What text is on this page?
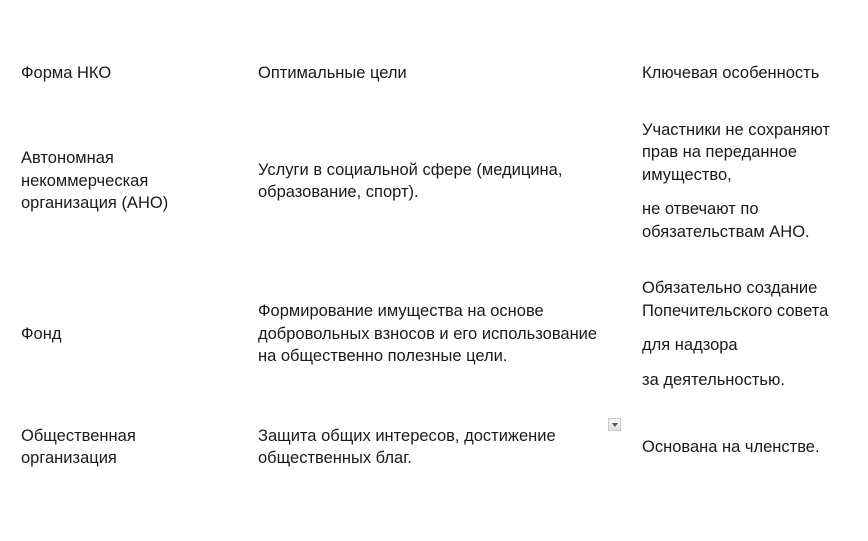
Форма НКО	Оптимальные цели	Ключевая особенность

Автономная некоммерческая организация (АНО)

Услуги в социальной сфере (медицина, образование, спорт).

Участники не сохраняют прав на переданное имущество,

не отвечают по обязательствам АНО.

Фонд

Формирование имущества на основе добровольных взносов и его использование на общественно полезные цели.

Обязательно создание Попечительского совета

для надзора

за деятельностью.

Общественная организация

Защита общих интересов, достижение общественных благ.

Основана на членстве.
